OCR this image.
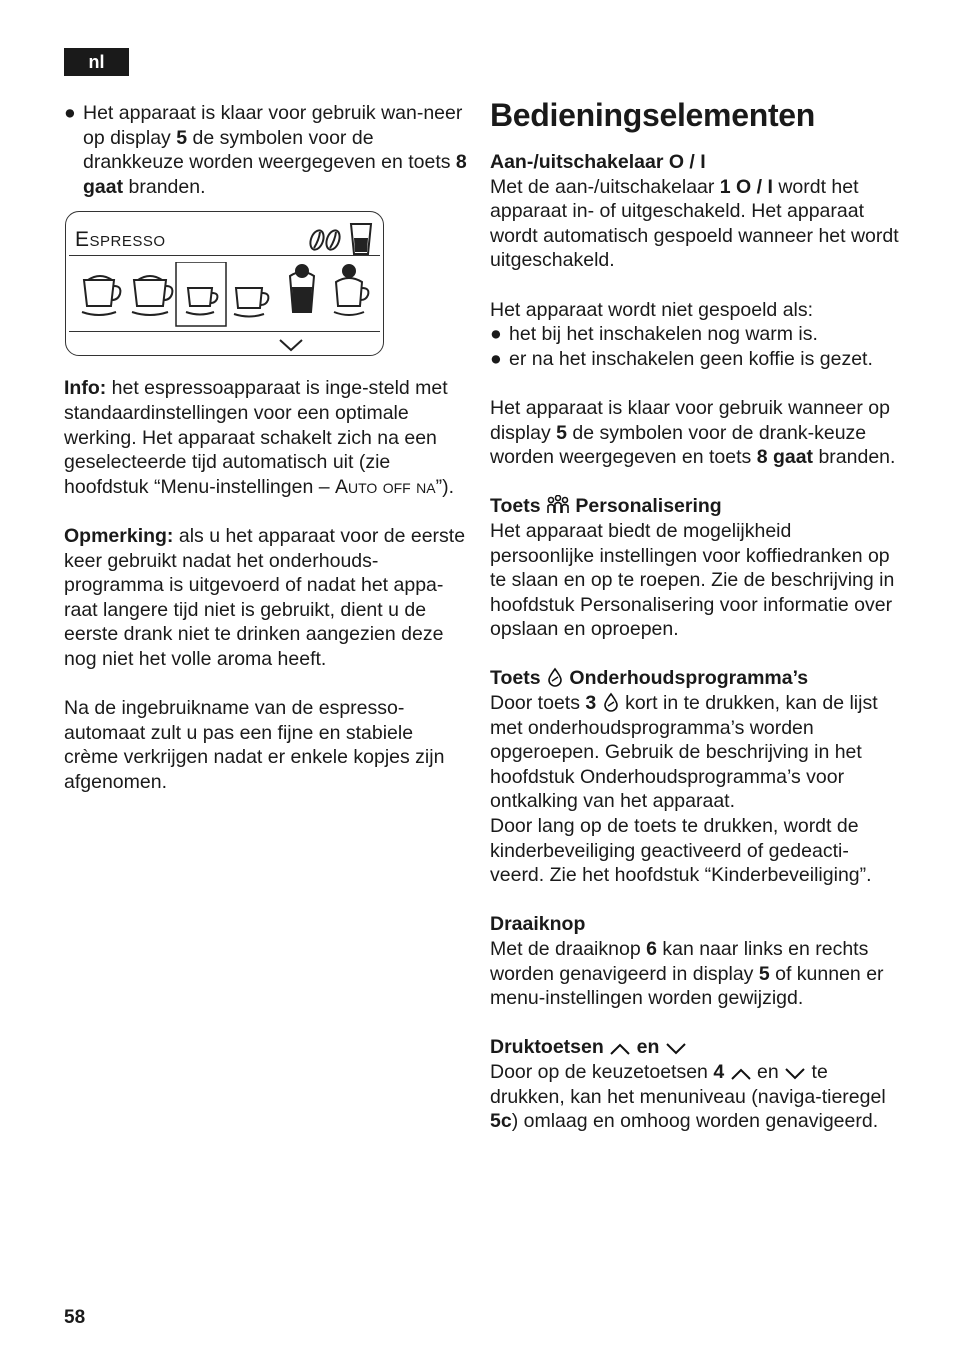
nl

● Het apparaat is klaar voor gebruik wan-neer op display 5 de symbolen voor de drankkeuze worden weergegeven en toets 8 gaat branden.

Espresso

Info: het espressoapparaat is inge-steld met standaardinstellingen voor een optimale werking. Het apparaat schakelt zich na een geselecteerde tijd automatisch uit (zie hoofdstuk “Menu-instellingen – Auto off na”).

Opmerking: als u het apparaat voor de eerste keer gebruikt nadat het onderhouds-programma is uitgevoerd of nadat het appa-raat langere tijd niet is gebruikt, dient u de eerste drank niet te drinken aangezien deze nog niet het volle aroma heeft.

Na de ingebruikname van de espresso-automaat zult u pas een fijne en stabiele crème verkrijgen nadat er enkele kopjes zijn afgenomen.

Bedieningselementen

Aan-/uitschakelaar O / I

Met de aan-/uitschakelaar 1 O / I wordt het apparaat in- of uitgeschakeld. Het apparaat wordt automatisch gespoeld wanneer het wordt uitgeschakeld.

Het apparaat wordt niet gespoeld als:

● het bij het inschakelen nog warm is.

● er na het inschakelen geen koffie is gezet.

Het apparaat is klaar voor gebruik wanneer op display 5 de symbolen voor de drank-keuze worden weergegeven en toets 8 gaat branden.

Toets  Personalisering

Het apparaat biedt de mogelijkheid persoonlijke instellingen voor koffiedranken op te slaan en op te roepen. Zie de beschrijving in hoofdstuk Personalisering voor informatie over opslaan en oproepen.

Toets  Onderhoudsprogramma’s

Door toets 3  kort in te drukken, kan de lijst met onderhoudsprogramma’s worden opgeroepen. Gebruik de beschrijving in het hoofdstuk Onderhoudsprogramma’s voor ontkalking van het apparaat.

Door lang op de toets te drukken, wordt de kinderbeveiliging geactiveerd of gedeacti-veerd. Zie het hoofdstuk “Kinderbeveiliging”.

Draaiknop

Met de draaiknop 6 kan naar links en rechts worden genavigeerd in display 5 of kunnen er menu-instellingen worden gewijzigd.

Druktoetsen  en

Door op de keuzetoetsen 4  en  te drukken, kan het menuniveau (naviga-tieregel 5c) omlaag en omhoog worden genavigeerd.

58
